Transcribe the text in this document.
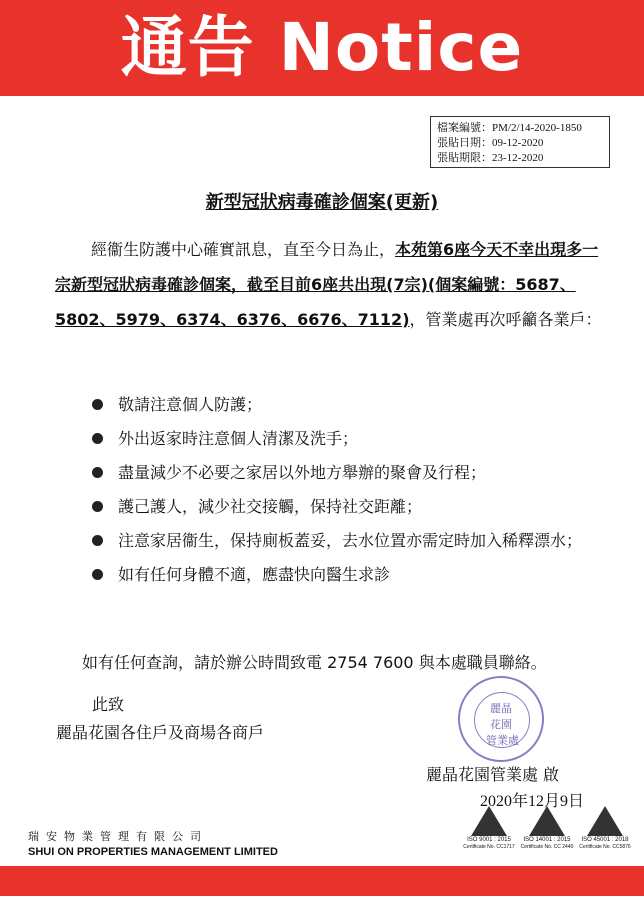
通告 Notice
檔案編號：PM/2/14-2020-1850
張貼日期：09-12-2020
張貼期限：23-12-2020
新型冠狀病毒確診個案(更新)

經衞生防護中心確實訊息，直至今日為止，本苑第6座今天不幸出現多一宗新型冠狀病毒確診個案，截至目前6座共出現(7宗)(個案編號：5687、5802、5979、6374、6376、6676、7112)，管業處再次呼籲各業戶：

敬請注意個人防護；
外出返家時注意個人清潔及洗手；
盡量減少不必要之家居以外地方舉辦的聚會及行程；
護己護人，減少社交接觸，保持社交距離；
注意家居衞生，保持廁板蓋妥，去水位置亦需定時加入稀釋漂水；
如有任何身體不適，應盡快向醫生求診
如有任何查詢，請於辦公時間致電 2754 7600 與本處職員聯絡。
此致
麗晶花園各住戶及商場各商戶
麗晶
花園
管業處
麗晶花園管業處 啟
2020年12月9日
瑞安物業管理有限公司
SHUI ON PROPERTIES MANAGEMENT LIMITED
ISO 9001 : 2015
Certificate No. CC1717
ISO 14001 : 2015
Certificate No. CC 2440
ISO 45001 : 2018
Certificate No. CC5876
